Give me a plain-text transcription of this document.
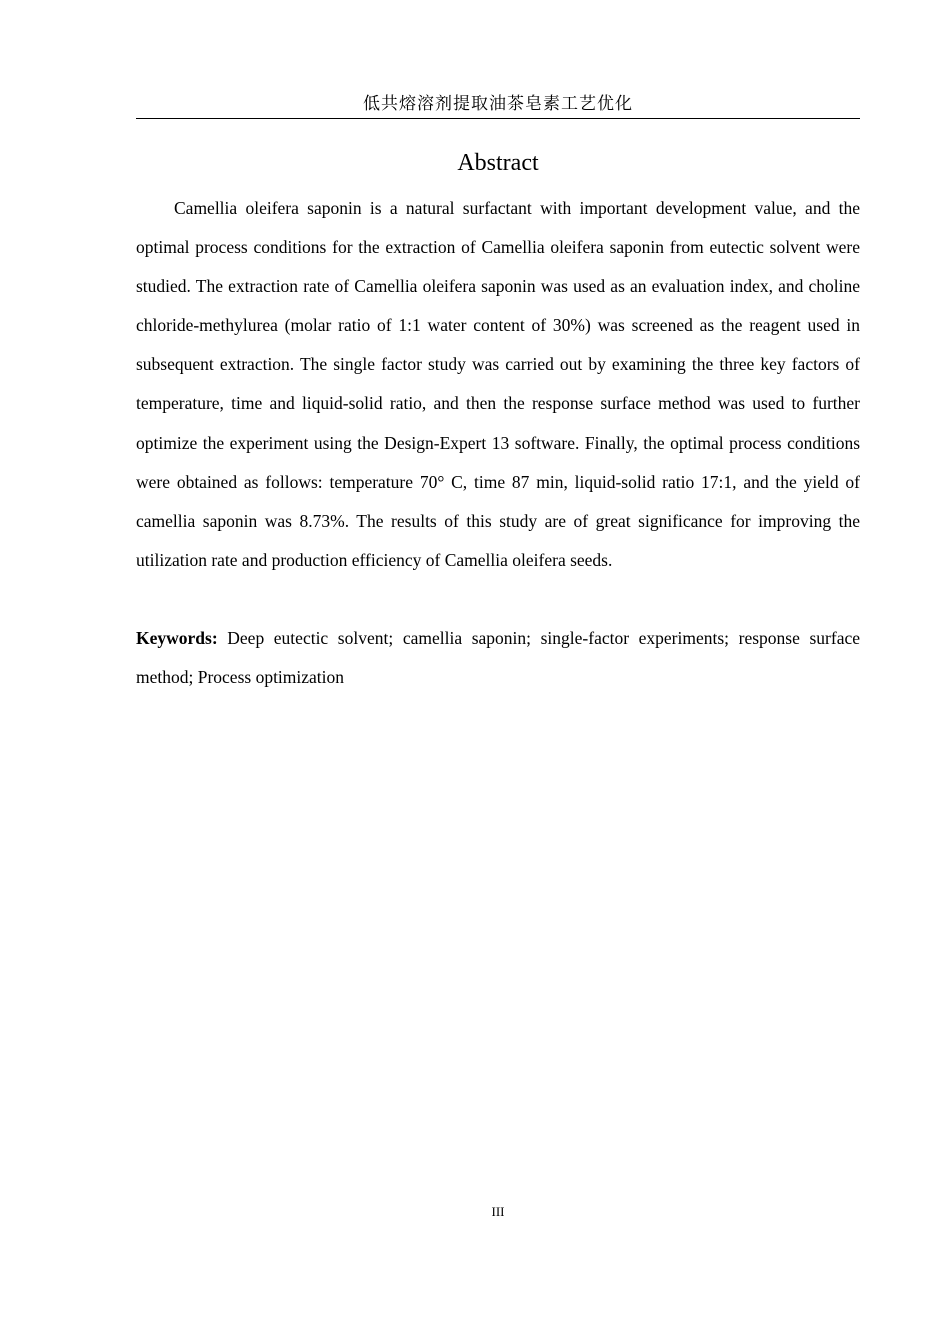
低共熔溶剂提取油茶皂素工艺优化
Abstract

Camellia oleifera saponin is a natural surfactant with important development value, and the optimal process conditions for the extraction of Camellia oleifera saponin from eutectic solvent were studied. The extraction rate of Camellia oleifera saponin was used as an evaluation index, and choline chloride-methylurea (molar ratio of 1:1 water content of 30%) was screened as the reagent used in subsequent extraction. The single factor study was carried out by examining the three key factors of temperature, time and liquid-solid ratio, and then the response surface method was used to further optimize the experiment using the Design-Expert 13 software. Finally, the optimal process conditions were obtained as follows: temperature 70° C, time 87 min, liquid-solid ratio 17:1, and the yield of camellia saponin was 8.73%. The results of this study are of great significance for improving the utilization rate and production efficiency of Camellia oleifera seeds.

Keywords: Deep eutectic solvent; camellia saponin; single-factor experiments; response surface method; Process optimization

III
